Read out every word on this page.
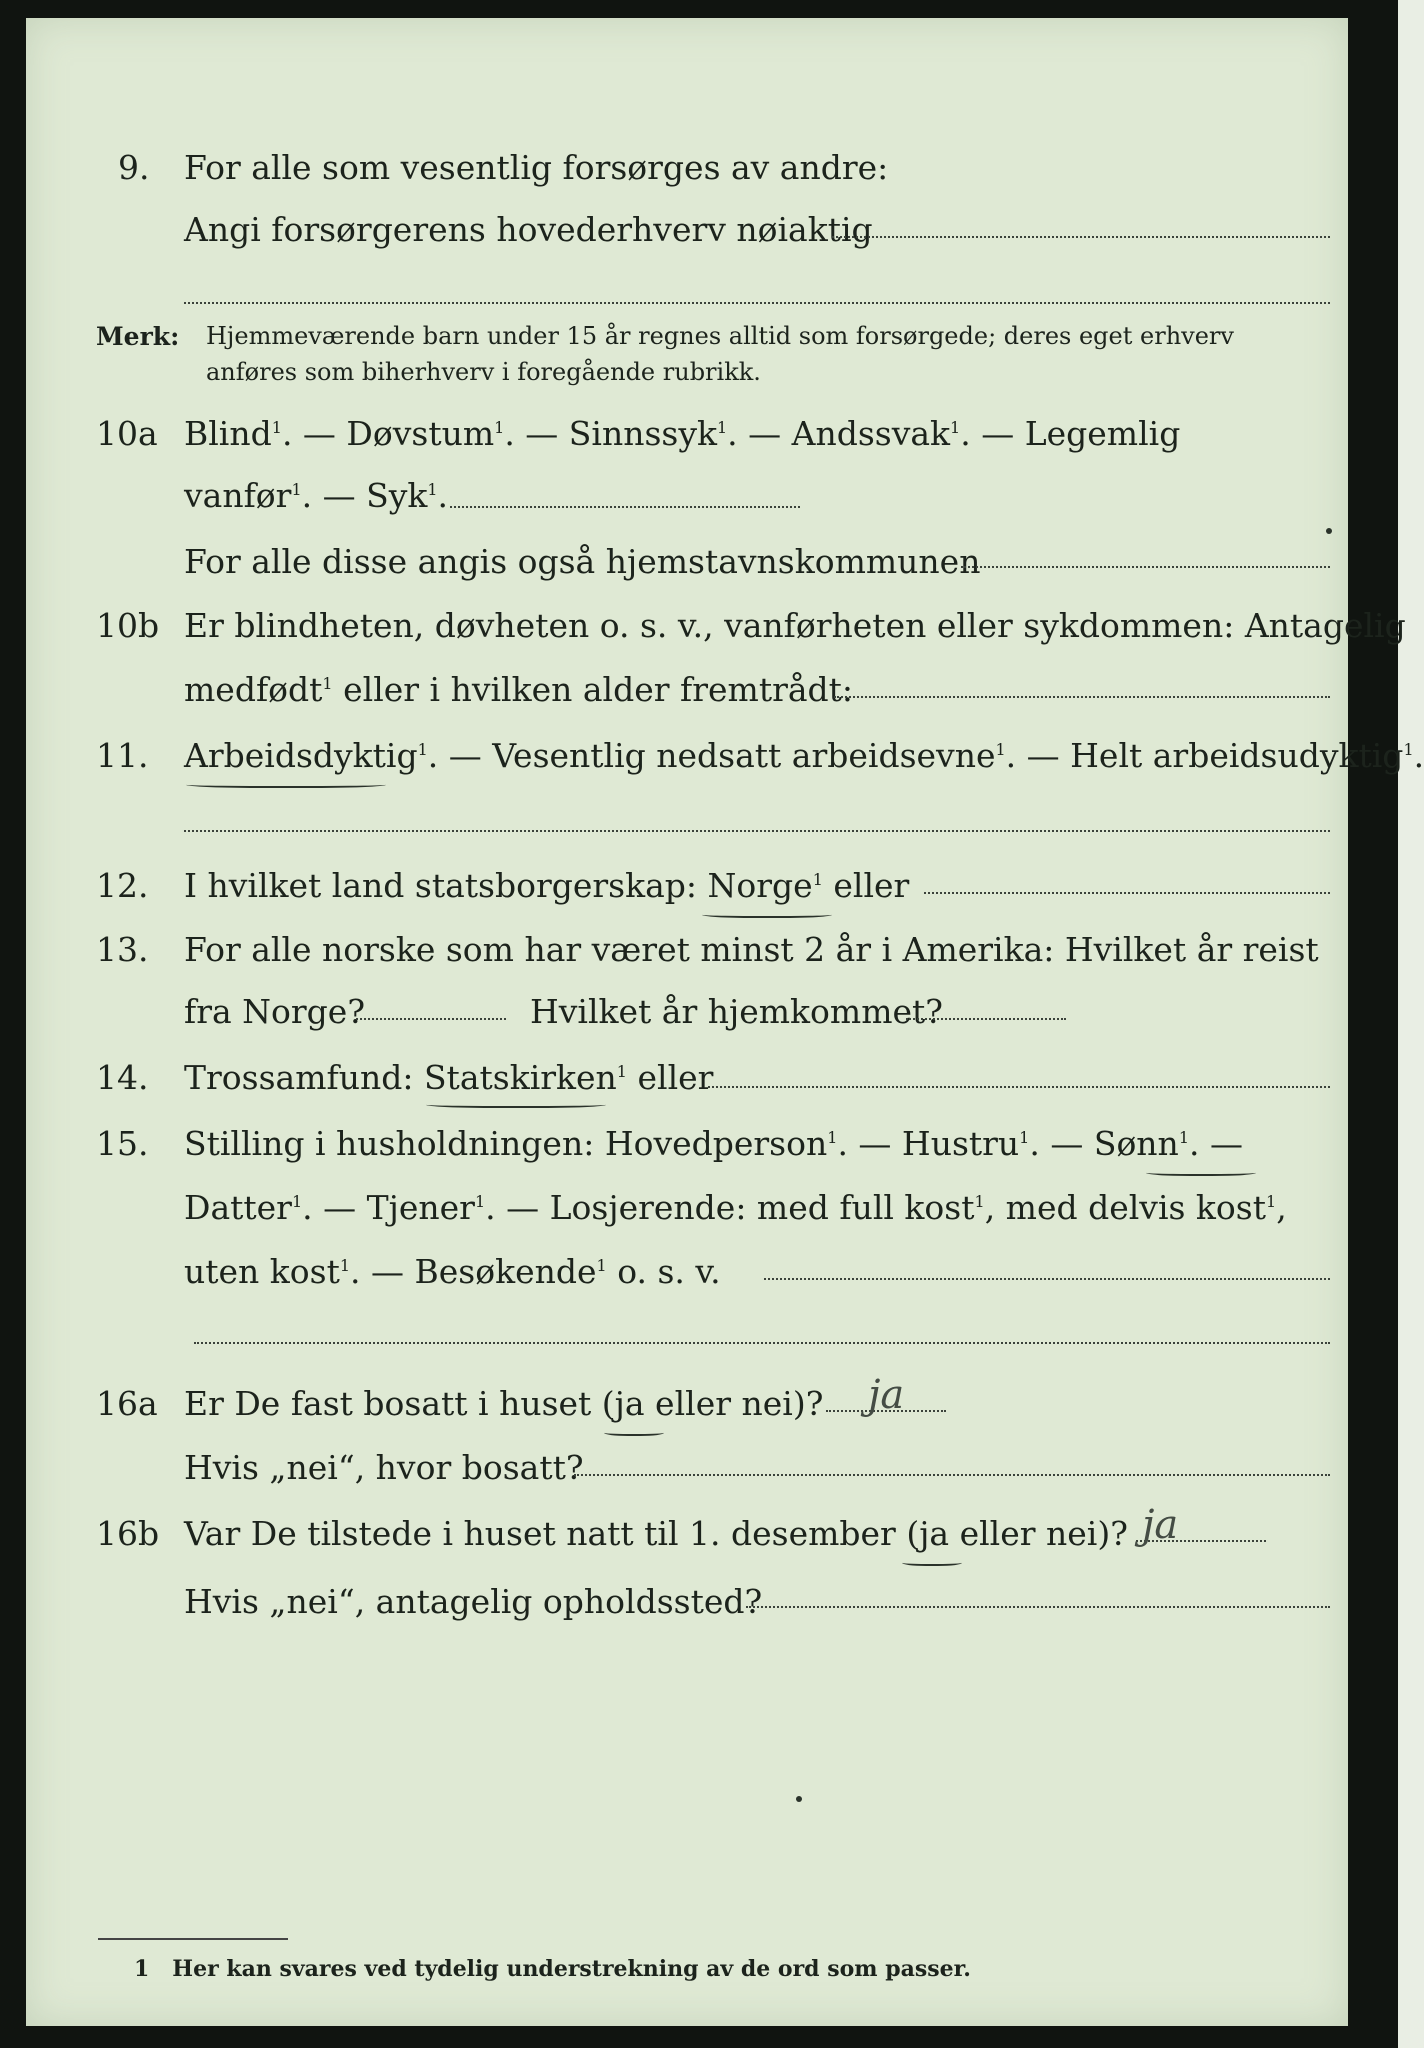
9. For alle som vesentlig forsørges av andre:
Angi forsørgerens hovederhverv nøiaktig
Merk: Hjemmeværende barn under 15 år regnes alltid som forsørgede; deres eget erhverv
anføres som biherhverv i foregående rubrikk.
10a Blind$^1$. — Døvstum$^1$. — Sinnssyk$^1$. — Andssvak$^1$. — Legemlig
vanfør$^1$. — Syk$^1$.
For alle disse angis også hjemstavnskommunen
10b Er blindheten, døvheten o. s. v., vanførheten eller sykdommen: Antagelig
medfødt$^1$ eller i hvilken alder fremtrådt:
11. Arbeidsdyktig$^1$. — Vesentlig nedsatt arbeidsevne$^1$. — Helt arbeidsudyktig$^1$.
12. I hvilket land statsborgerskap: Norge$^1$ eller
13. For alle norske som har været minst 2 år i Amerika: Hvilket år reist
fra Norge?	Hvilket år hjemkommet?
14. Trossamfund: Statskirken$^1$ eller
15. Stilling i husholdningen: Hovedperson$^1$. — Hustru$^1$. — Sønn$^1$. —
Datter$^1$. — Tjener$^1$. — Losjerende: med full kost$^1$, med delvis kost$^1$,
uten kost$^1$. — Besøkende$^1$ o. s. v.
16a Er De fast bosatt i huset (ja eller nei)? ja
Hvis „nei“, hvor bosatt?
16b Var De tilstede i huset natt til 1. desember (ja eller nei)? ja
Hvis „nei“, antagelig opholdssted?
1 Her kan svares ved tydelig understrekning av de ord som passer.
